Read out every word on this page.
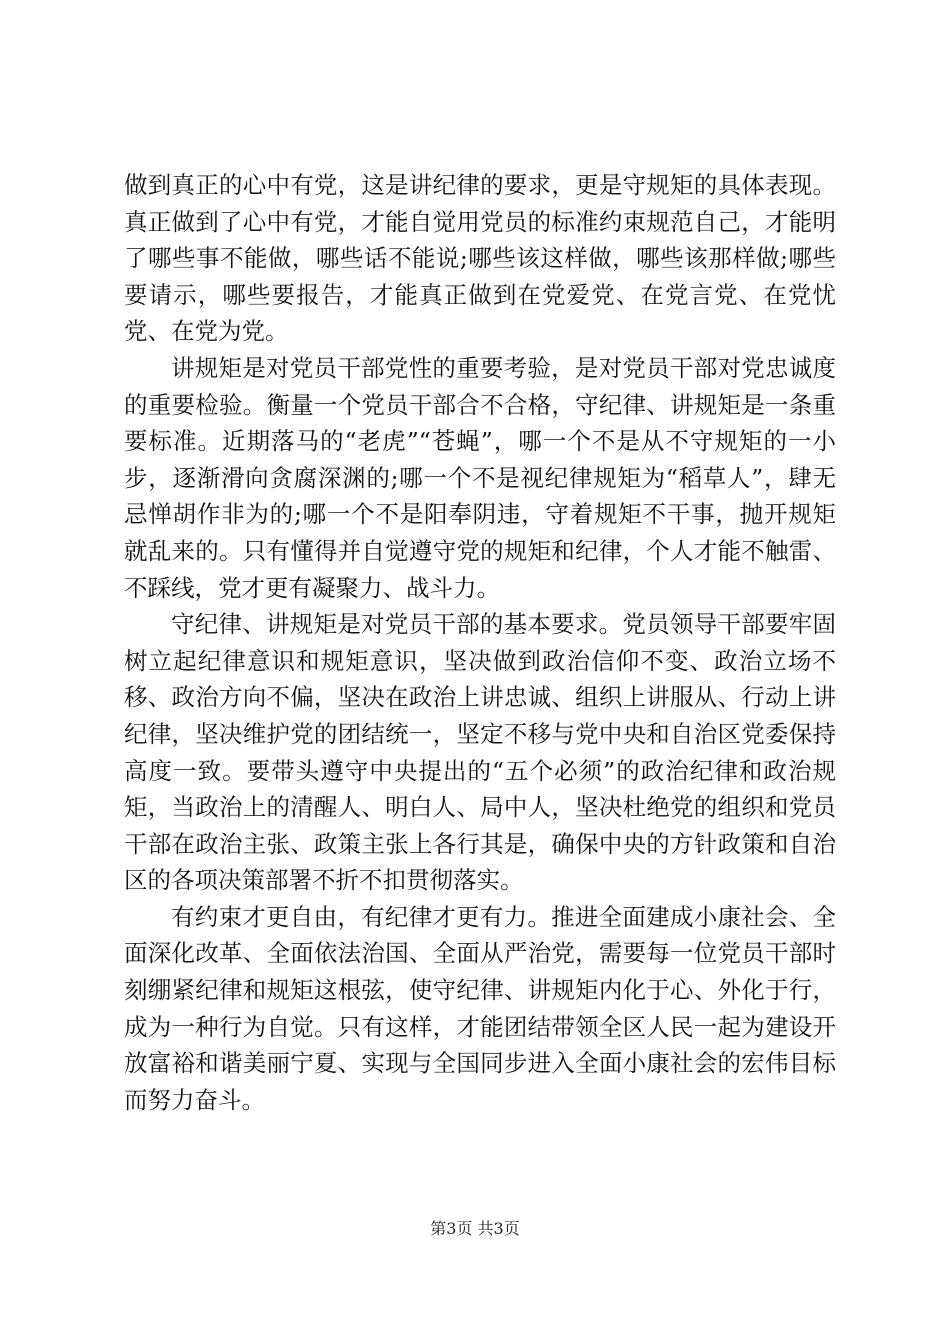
做到真正的心中有党，这是讲纪律的要求，更是守规矩的具体表现。真正做到了心中有党，才能自觉用党员的标准约束规范自己，才能明了哪些事不能做，哪些话不能说;哪些该这样做，哪些该那样做;哪些要请示，哪些要报告，才能真正做到在党爱党、在党言党、在党忧党、在党为党。

讲规矩是对党员干部党性的重要考验，是对党员干部对党忠诚度的重要检验。衡量一个党员干部合不合格，守纪律、讲规矩是一条重要标准。近期落马的“老虎”“苍蝇”，哪一个不是从不守规矩的一小步，逐渐滑向贪腐深渊的;哪一个不是视纪律规矩为“稻草人”，肆无忌惮胡作非为的;哪一个不是阳奉阴违，守着规矩不干事，抛开规矩就乱来的。只有懂得并自觉遵守党的规矩和纪律，个人才能不触雷、不踩线，党才更有凝聚力、战斗力。

守纪律、讲规矩是对党员干部的基本要求。党员领导干部要牢固树立起纪律意识和规矩意识，坚决做到政治信仰不变、政治立场不移、政治方向不偏，坚决在政治上讲忠诚、组织上讲服从、行动上讲纪律，坚决维护党的团结统一，坚定不移与党中央和自治区党委保持高度一致。要带头遵守中央提出的“五个必须”的政治纪律和政治规矩，当政治上的清醒人、明白人、局中人，坚决杜绝党的组织和党员干部在政治主张、政策主张上各行其是，确保中央的方针政策和自治区的各项决策部署不折不扣贯彻落实。

有约束才更自由，有纪律才更有力。推进全面建成小康社会、全面深化改革、全面依法治国、全面从严治党，需要每一位党员干部时刻绷紧纪律和规矩这根弦，使守纪律、讲规矩内化于心、外化于行，成为一种行为自觉。只有这样，才能团结带领全区人民一起为建设开放富裕和谐美丽宁夏、实现与全国同步进入全面小康社会的宏伟目标而努力奋斗。

第3页 共3页
